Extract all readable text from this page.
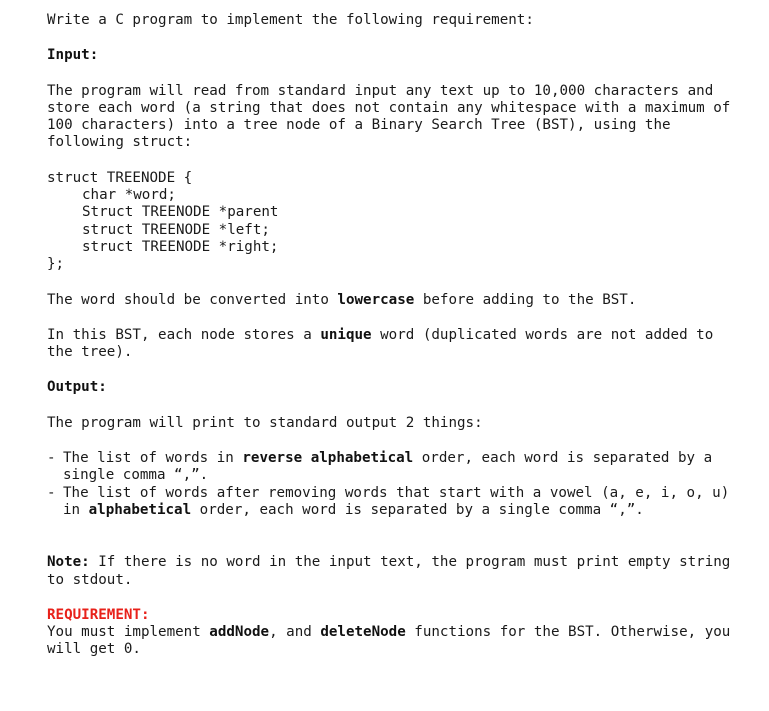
Write a C program to implement the following requirement:

Input:

The program will read from standard input any text up to 10,000 characters and store each word (a string that does not contain any whitespace with a maximum of 100 characters) into a tree node of a Binary Search Tree (BST), using the following struct:

struct TREENODE {
char *word;
Struct TREENODE *parent
struct TREENODE *left;
struct TREENODE *right;
};

The word should be converted into lowercase before adding to the BST.

In this BST, each node stores a unique word (duplicated words are not added to the tree).

Output:

The program will print to standard output 2 things:

- The list of words in reverse alphabetical order, each word is separated by a single comma “,”.
- The list of words after removing words that start with a vowel (a, e, i, o, u) in alphabetical order, each word is separated by a single comma “,”.

Note: If there is no word in the input text, the program must print empty string to stdout.

REQUIREMENT:

You must implement addNode, and deleteNode functions for the BST. Otherwise, you will get 0.
